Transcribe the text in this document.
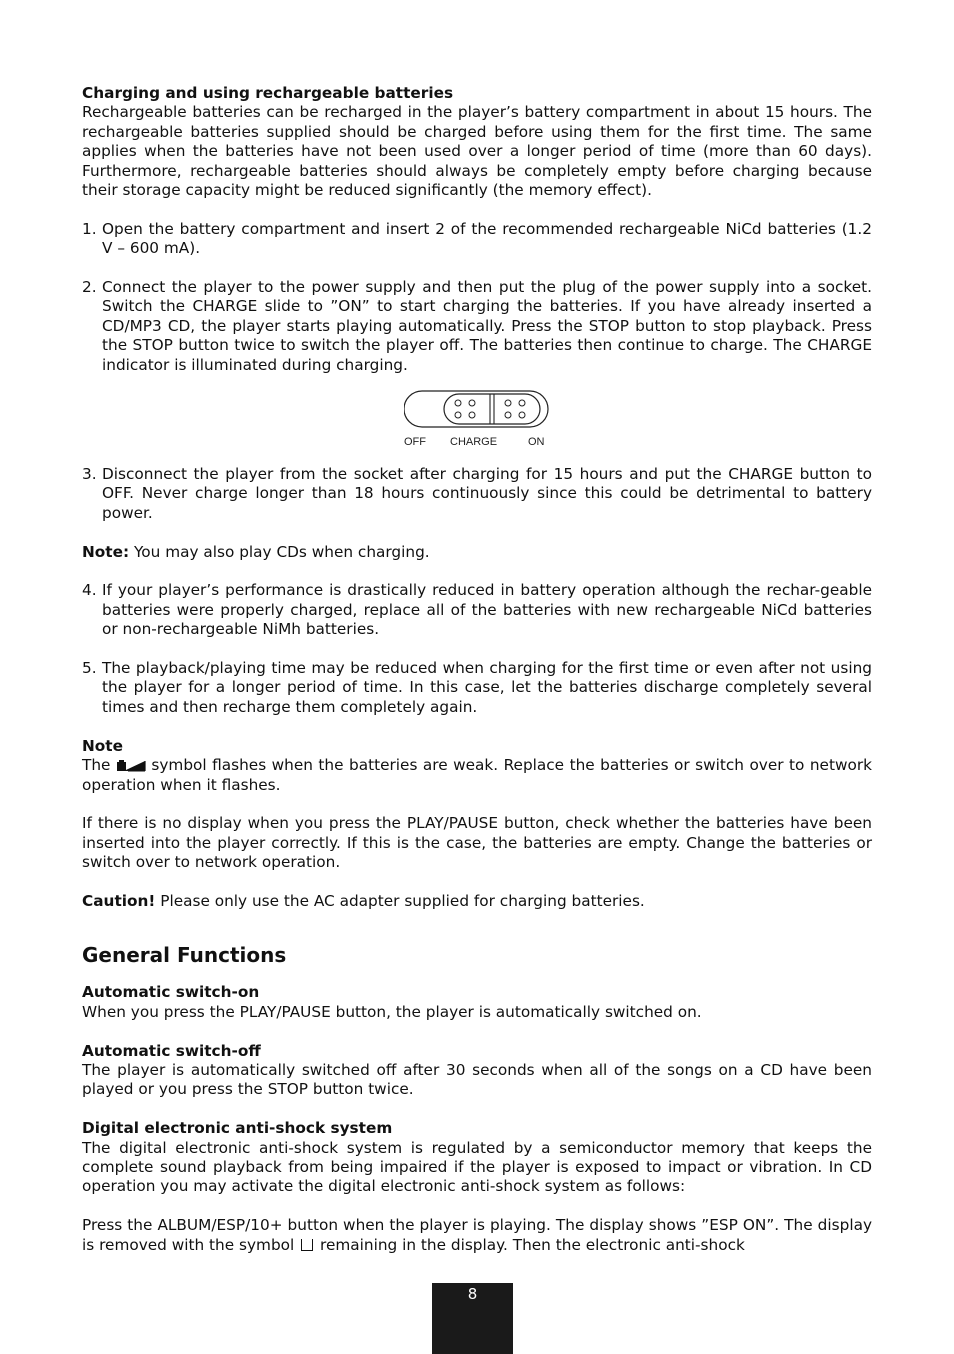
Charging and using rechargeable batteries

Rechargeable batteries can be recharged in the player’s battery compartment in about 15 hours. The rechargeable batteries supplied should be charged before using them for the first time. The same applies when the batteries have not been used over a longer period of time (more than 60 days). Furthermore, rechargeable batteries should always be completely empty before charging because their storage capacity might be reduced significantly (the memory effect).

1. Open the battery compartment and insert 2 of the recommended rechargeable NiCd batteries (1.2 V – 600 mA).
2. Connect the player to the power supply and then put the plug of the power supply into a socket. Switch the CHARGE slide to ”ON” to start charging the batteries. If you have already inserted a CD/MP3 CD, the player starts playing automatically. Press the STOP button to stop playback. Press the STOP button twice to switch the player off. The batteries then continue to charge. The CHARGE indicator is illuminated during charging.
OFF CHARGE	ON
3. Disconnect the player from the socket after charging for 15 hours and put the CHARGE button to OFF. Never charge longer than 18 hours continuously since this could be detrimental to battery power.

Note: You may also play CDs when charging.

4. If your player’s performance is drastically reduced in battery operation although the rechar-geable batteries were properly charged, replace all of the batteries with new rechargeable NiCd batteries or non-rechargeable NiMh batteries.
5. The playback/playing time may be reduced when charging for the first time or even after not using the player for a longer period of time. In this case, let the batteries discharge completely several times and then recharge them completely again.

Note

The  symbol flashes when the batteries are weak. Replace the batteries or switch over to network operation when it flashes.

If there is no display when you press the PLAY/PAUSE button, check whether the batteries have been inserted into the player correctly. If this is the case, the batteries are empty. Change the batteries or switch over to network operation.

Caution! Please only use the AC adapter supplied for charging batteries.

General Functions

Automatic switch-on

When you press the PLAY/PAUSE button, the player is automatically switched on.

Automatic switch-off

The player is automatically switched off after 30 seconds when all of the songs on a CD have been played or you press the STOP button twice.

Digital electronic anti-shock system

The digital electronic anti-shock system is regulated by a semiconductor memory that keeps the complete sound playback from being impaired if the player is exposed to impact or vibration. In CD operation you may activate the digital electronic anti-shock system as follows:

Press the ALBUM/ESP/10+ button when the player is playing. The display shows ”ESP ON”. The display is removed with the symbol  remaining in the display. Then the electronic anti-shock

8
